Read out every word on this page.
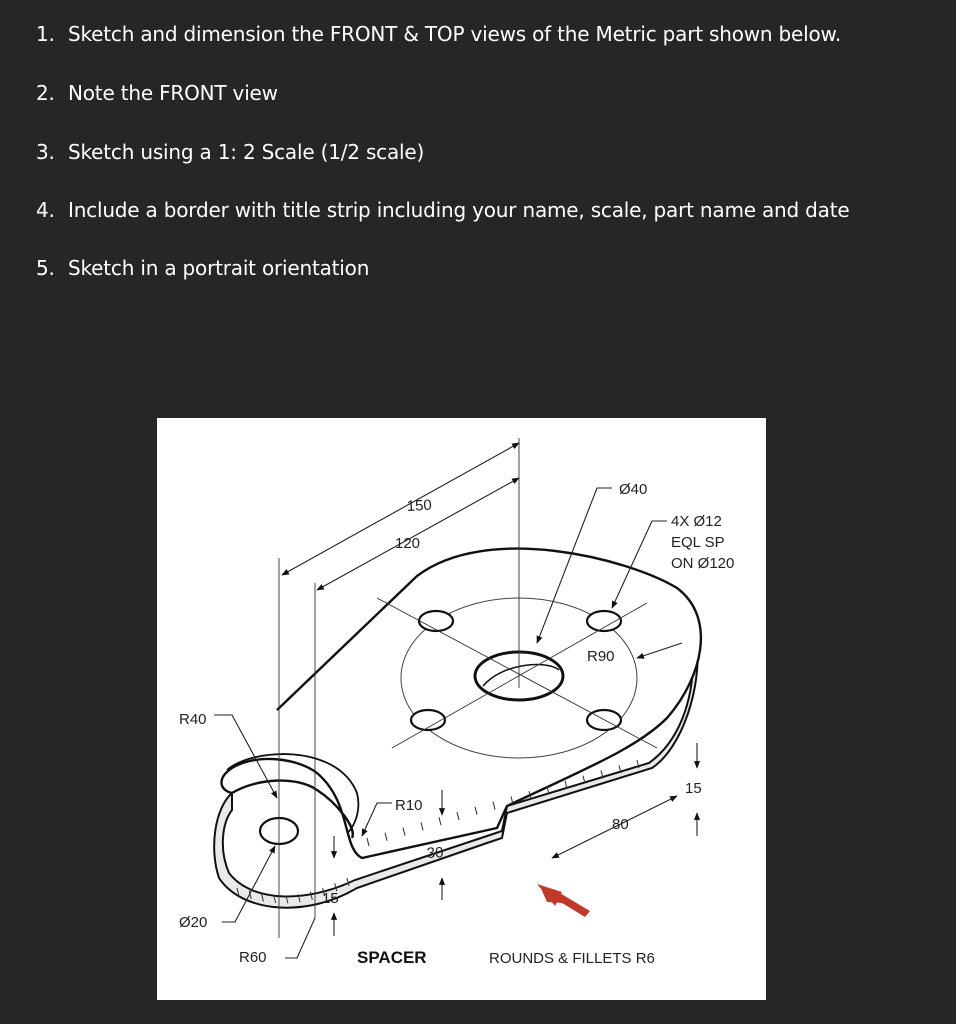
1. Sketch and dimension the FRONT & TOP views of the Metric part shown below.
2. Note the FRONT view
3. Sketch using a 1: 2 Scale (1/2 scale)
4. Include a border with title strip including your name, scale, part name and date
5. Sketch in a portrait orientation
150
120
Ø40
4X Ø12
EQL SP
ON Ø120
R90
R40
R10
30
15
80
15
Ø20
R60	SPACER	ROUNDS & FILLETS R6
